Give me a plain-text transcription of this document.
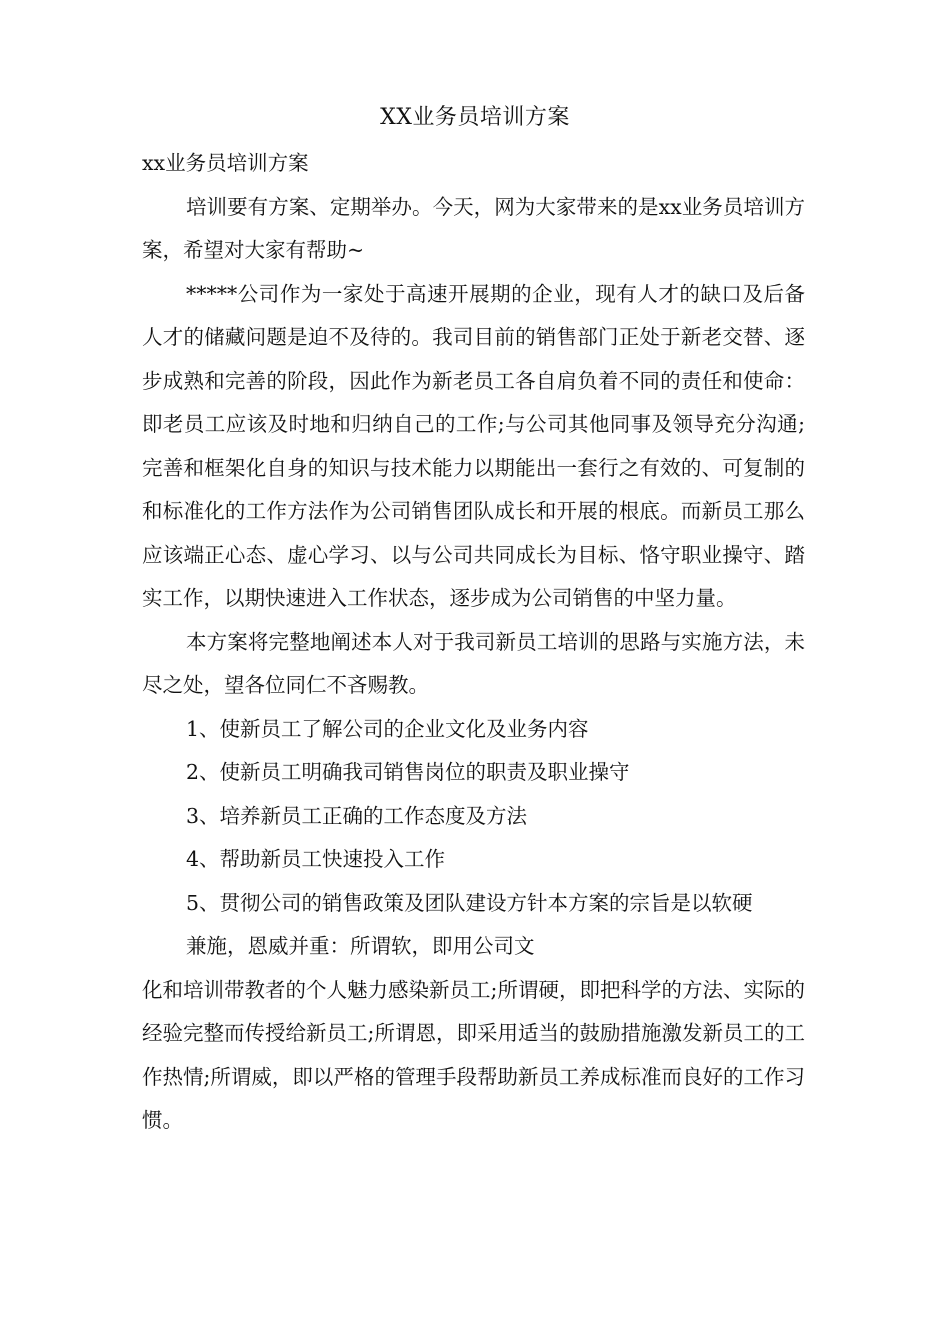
XX业务员培训方案

xx业务员培训方案

培训要有方案、定期举办。今天，网为大家带来的是xx业务员培训方案，希望对大家有帮助~

*****公司作为一家处于高速开展期的企业，现有人才的缺口及后备人才的储藏问题是迫不及待的。我司目前的销售部门正处于新老交替、逐步成熟和完善的阶段，因此作为新老员工各自肩负着不同的责任和使命：即老员工应该及时地和归纳自己的工作;与公司其他同事及领导充分沟通;完善和框架化自身的知识与技术能力以期能出一套行之有效的、可复制的和标准化的工作方法作为公司销售团队成长和开展的根底。而新员工那么应该端正心态、虚心学习、以与公司共同成长为目标、恪守职业操守、踏实工作，以期快速进入工作状态，逐步成为公司销售的中坚力量。

本方案将完整地阐述本人对于我司新员工培训的思路与实施方法，未尽之处，望各位同仁不吝赐教。

1、使新员工了解公司的企业文化及业务内容

2、使新员工明确我司销售岗位的职责及职业操守

3、培养新员工正确的工作态度及方法

4、帮助新员工快速投入工作

5、贯彻公司的销售政策及团队建设方针本方案的宗旨是以软硬

兼施，恩威并重：所谓软，即用公司文

化和培训带教者的个人魅力感染新员工;所谓硬，即把科学的方法、实际的经验完整而传授给新员工;所谓恩，即采用适当的鼓励措施激发新员工的工作热情;所谓威，即以严格的管理手段帮助新员工养成标准而良好的工作习惯。
